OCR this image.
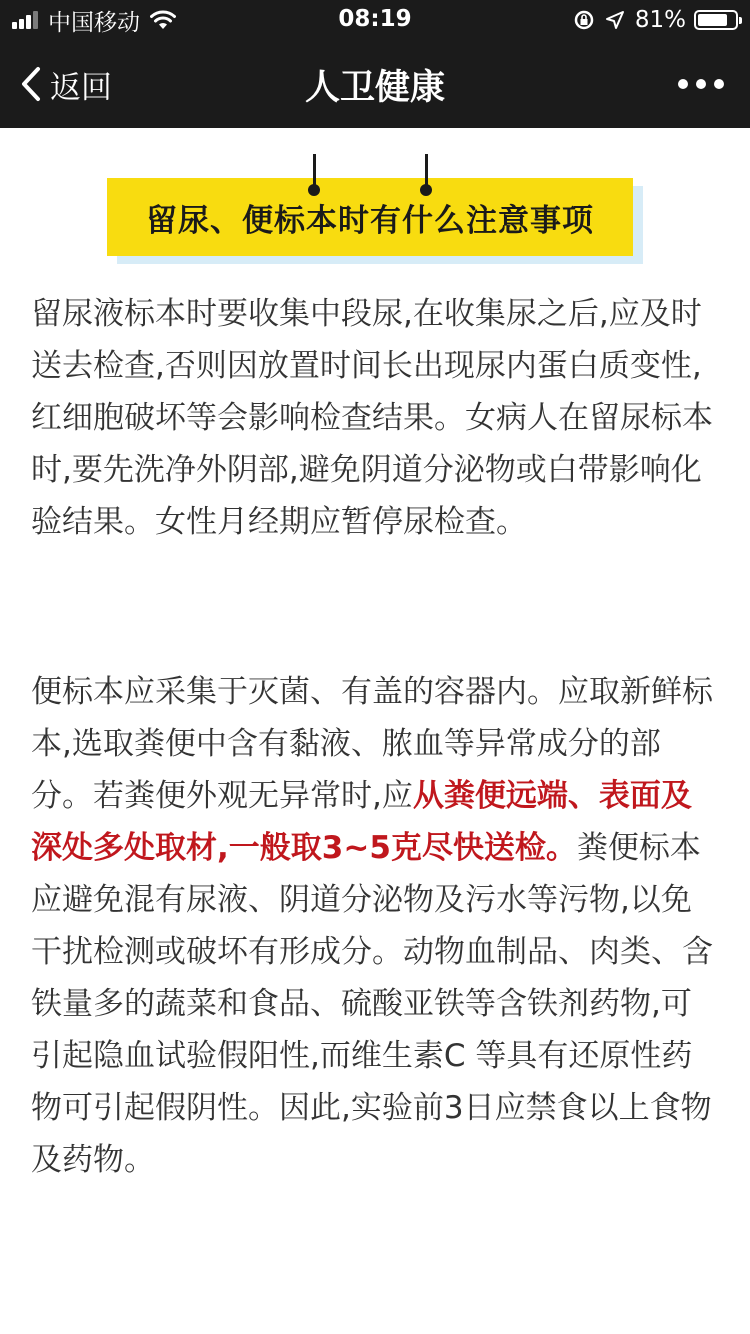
中国移动	08:19	81%
返回	人卫健康
留尿、便标本时有什么注意事项
留尿液标本时要收集中段尿,在收集尿之后,应及时送去检查,否则因放置时间长出现尿内蛋白质变性,红细胞破坏等会影响检查结果。女病人在留尿标本时,要先洗净外阴部,避免阴道分泌物或白带影响化验结果。女性月经期应暂停尿检查。
便标本应采集于灭菌、有盖的容器内。应取新鲜标本,选取粪便中含有黏液、脓血等异常成分的部分。若粪便外观无异常时,应从粪便远端、表面及深处多处取材,一般取3~5克尽快送检。粪便标本应避免混有尿液、阴道分泌物及污水等污物,以免干扰检测或破坏有形成分。动物血制品、肉类、含铁量多的蔬菜和食品、硫酸亚铁等含铁剂药物,可引起隐血试验假阳性,而维生素C 等具有还原性药物可引起假阴性。因此,实验前3日应禁食以上食物及药物。
